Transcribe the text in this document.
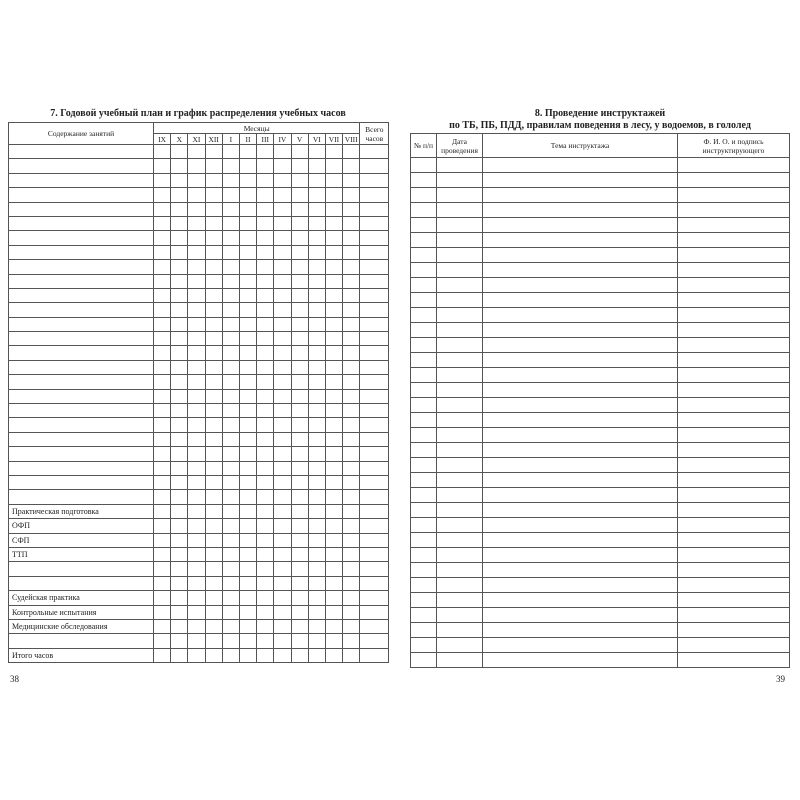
7. Годовой учебный план и график распределения учебных часов
Содержание занятий	Месяцы												Всего часов
	IX	X	XI	XII	I	II	III	IV	V	VI	VII	VIII	

Практическая подготовка													
ОФП													
СФП													
ТТП													

Судейская практика													
Контрольные испытания													
Медицинские обследования													

Итого часов													
38
8. Проведение инструктажей
по ТБ, ПБ, ПДД, правилам поведения в лесу, у водоемов, в гололед
№ п/п	Дата проведения	Тема инструктажа	Ф. И. О. и подпись инструктирующего

39
